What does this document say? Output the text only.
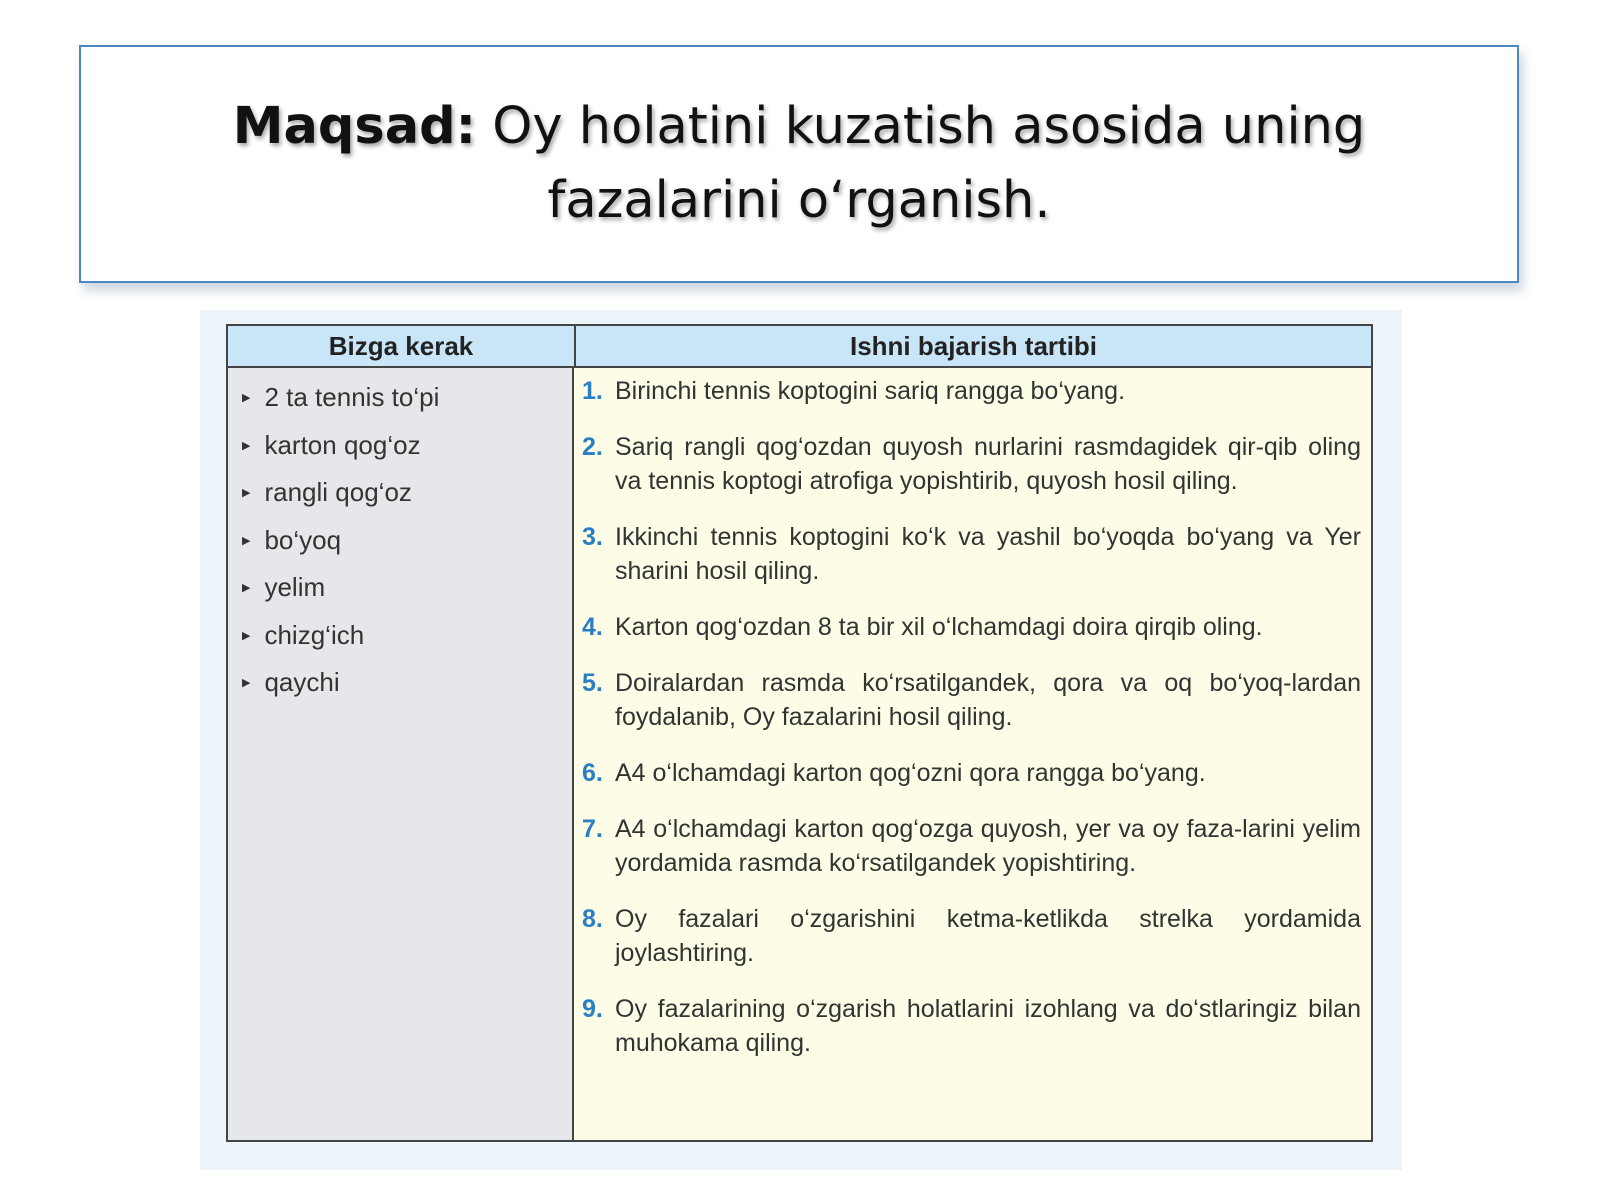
Maqsad: Oy holatini kuzatish asosida uning fazalarini o‘rganish.
Bizga kerak	Ishni bajarish tartibi
▶ 2 ta tennis to‘pi
▶ karton qog‘oz
▶ rangli qog‘oz
▶ bo‘yoq
▶ yelim
▶ chizg‘ich
▶ qaychi
1. Birinchi tennis koptogini sariq rangga bo‘yang.
2. Sariq rangli qog‘ozdan quyosh nurlarini rasmdagidek qir-qib oling va tennis koptogi atrofiga yopishtirib, quyosh hosil qiling.
3. Ikkinchi tennis koptogini ko‘k va yashil bo‘yoqda bo‘yang va Yer sharini hosil qiling.
4. Karton qog‘ozdan 8 ta bir xil o‘lchamdagi doira qirqib oling.
5. Doiralardan rasmda ko‘rsatilgandek, qora va oq bo‘yoq-lardan foydalanib, Oy fazalarini hosil qiling.
6. A4 o‘lchamdagi karton qog‘ozni qora rangga bo‘yang.
7. A4 o‘lchamdagi karton qog‘ozga quyosh, yer va oy faza-larini yelim yordamida rasmda ko‘rsatilgandek yopishtiring.
8. Oy fazalari o‘zgarishini ketma-ketlikda strelka yordamida joylashtiring.
9. Oy fazalarining o‘zgarish holatlarini izohlang va do‘stlaringiz bilan muhokama qiling.
